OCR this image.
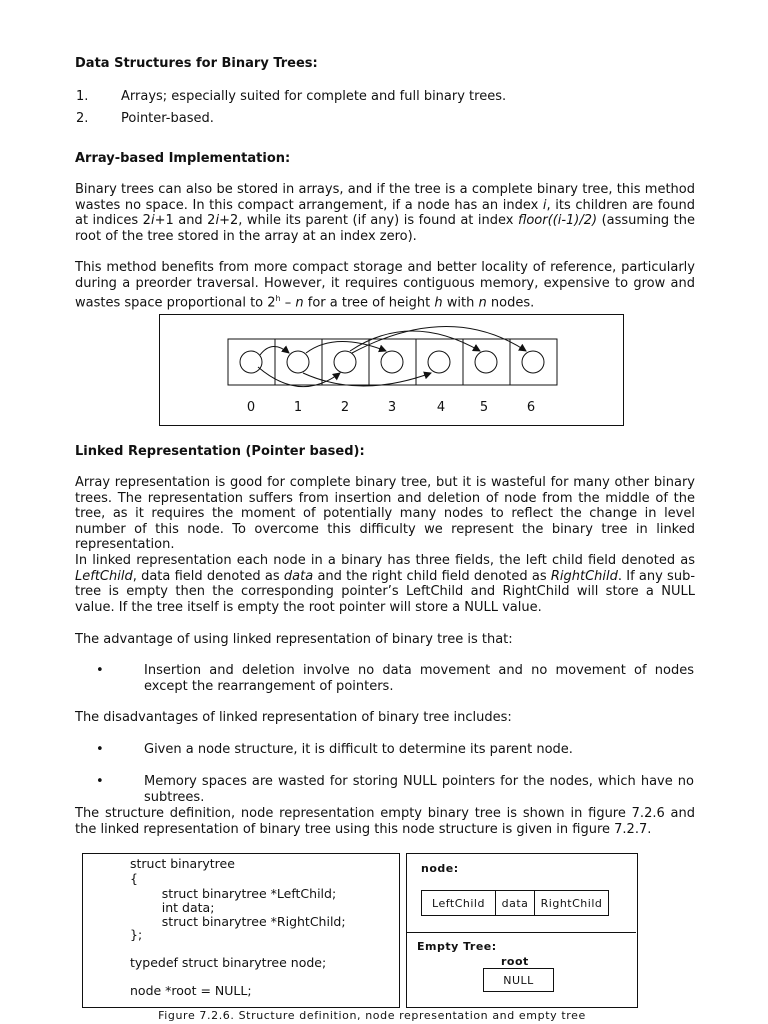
Data Structures for Binary Trees:
1.	Arrays; especially suited for complete and full binary trees.
2.	Pointer-based.
Array-based Implementation:
Binary trees can also be stored in arrays, and if the tree is a complete binary tree, this method wastes no space. In this compact arrangement, if a node has an index i, its children are found at indices 2i+1 and 2i+2, while its parent (if any) is found at index floor((i-1)/2) (assuming the root of the tree stored in the array at an index zero).
This method benefits from more compact storage and better locality of reference, particularly during a preorder traversal. However, it requires contiguous memory, expensive to grow and wastes space proportional to 2$^h$ – n for a tree of height h with n nodes.
0	1	2	3	4	5	6
Linked Representation (Pointer based):
Array representation is good for complete binary tree, but it is wasteful for many other binary trees. The representation suffers from insertion and deletion of node from the middle of the tree, as it requires the moment of potentially many nodes to reflect the change in level number of this node. To overcome this difficulty we represent the binary tree in linked representation.
In linked representation each node in a binary has three fields, the left child field denoted as LeftChild, data field denoted as data and the right child field denoted as RightChild. If any sub-tree is empty then the corresponding pointer’s LeftChild and RightChild will store a NULL value. If the tree itself is empty the root pointer will store a NULL value.
The advantage of using linked representation of binary tree is that:
•	Insertion and deletion involve no data movement and no movement of nodes except the rearrangement of pointers.
The disadvantages of linked representation of binary tree includes:
•	Given a node structure, it is difficult to determine its parent node.
•	Memory spaces are wasted for storing NULL pointers for the nodes, which have no subtrees.
The structure definition, node representation empty binary tree is shown in figure 7.2.6 and the linked representation of binary tree using this node structure is given in figure 7.2.7.
struct binarytree
{
struct binarytree *LeftChild;
int data;
struct binarytree *RightChild;
};
typedef struct binarytree node;
node *root = NULL;
node:
LeftChild	data	RightChild
Empty Tree:
root
NULL
Figure 7.2.6. Structure definition, node representation and empty tree
